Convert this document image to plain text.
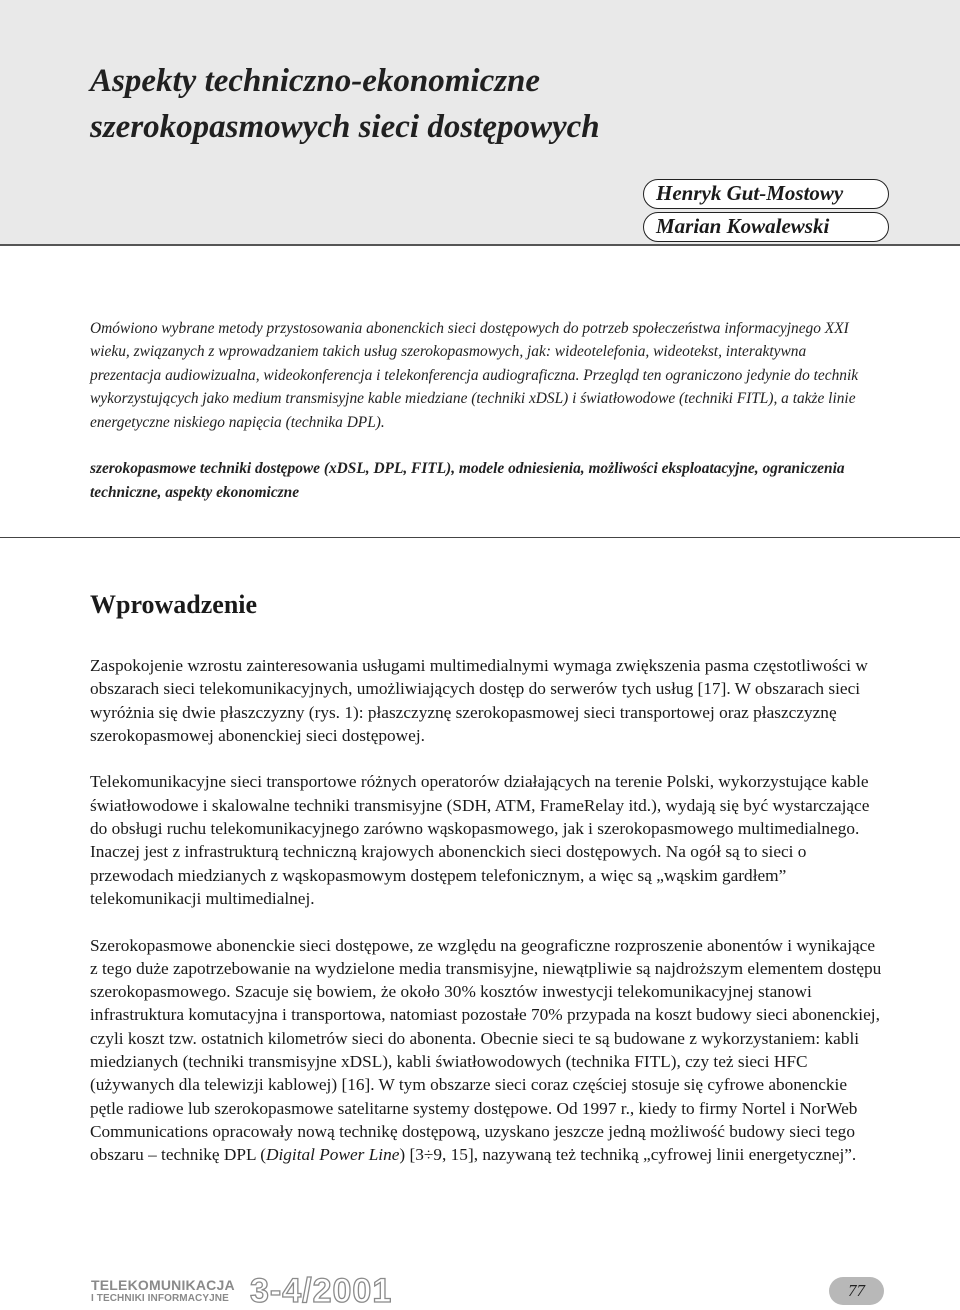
Aspekty techniczno-ekonomiczne
szerokopasmowych sieci dostępowych
Henryk Gut-Mostowy
Marian Kowalewski

Omówiono wybrane metody przystosowania abonenckich sieci dostępowych do potrzeb społeczeństwa informacyjnego XXI wieku, związanych z wprowadzaniem takich usług szerokopasmowych, jak: wideotelefonia, wideotekst, interaktywna prezentacja audiowizualna, wideokonferencja i telekonferencja audiograficzna. Przegląd ten ograniczono jedynie do technik wykorzystujących jako medium transmisyjne kable miedziane (techniki xDSL) i światłowodowe (techniki FITL), a także linie energetyczne niskiego napięcia (technika DPL).

szerokopasmowe techniki dostępowe (xDSL, DPL, FITL), modele odniesienia, możliwości eksploatacyjne, ograniczenia techniczne, aspekty ekonomiczne

Wprowadzenie

Zaspokojenie wzrostu zainteresowania usługami multimedialnymi wymaga zwiększenia pasma częstotliwości w obszarach sieci telekomunikacyjnych, umożliwiających dostęp do serwerów tych usług [17]. W obszarach sieci wyróżnia się dwie płaszczyzny (rys. 1): płaszczyznę szerokopasmowej sieci transportowej oraz płaszczyznę szerokopasmowej abonenckiej sieci dostępowej.

Telekomunikacyjne sieci transportowe różnych operatorów działających na terenie Polski, wykorzystujące kable światłowodowe i skalowalne techniki transmisyjne (SDH, ATM, FrameRelay itd.), wydają się być wystarczające do obsługi ruchu telekomunikacyjnego zarówno wąskopasmowego, jak i szerokopasmowego multimedialnego. Inaczej jest z infrastrukturą techniczną krajowych abonenckich sieci dostępowych. Na ogół są to sieci o przewodach miedzianych z wąskopasmowym dostępem telefonicznym, a więc są „wąskim gardłem” telekomunikacji multimedialnej.

Szerokopasmowe abonenckie sieci dostępowe, ze względu na geograficzne rozproszenie abonentów i wynikające z tego duże zapotrzebowanie na wydzielone media transmisyjne, niewątpliwie są najdroższym elementem dostępu szerokopasmowego. Szacuje się bowiem, że około 30% kosztów inwestycji telekomunikacyjnej stanowi infrastruktura komutacyjna i transportowa, natomiast pozostałe 70% przypada na koszt budowy sieci abonenckiej, czyli koszt tzw. ostatnich kilometrów sieci do abonenta. Obecnie sieci te są budowane z wykorzystaniem: kabli miedzianych (techniki transmisyjne xDSL), kabli światłowodowych (technika FITL), czy też sieci HFC (używanych dla telewizji kablowej) [16]. W tym obszarze sieci coraz częściej stosuje się cyfrowe abonenckie pętle radiowe lub szerokopasmowe satelitarne systemy dostępowe. Od 1997 r., kiedy to firmy Nortel i NorWeb Communications opracowały nową technikę dostępową, uzyskano jeszcze jedną możliwość budowy sieci tego obszaru – technikę DPL (Digital Power Line) [3÷9, 15], nazywaną też techniką „cyfrowej linii energetycznej”.

TELEKOMUNIKACJA
I TECHNIKI INFORMACYJNE 3-4/2001	77
